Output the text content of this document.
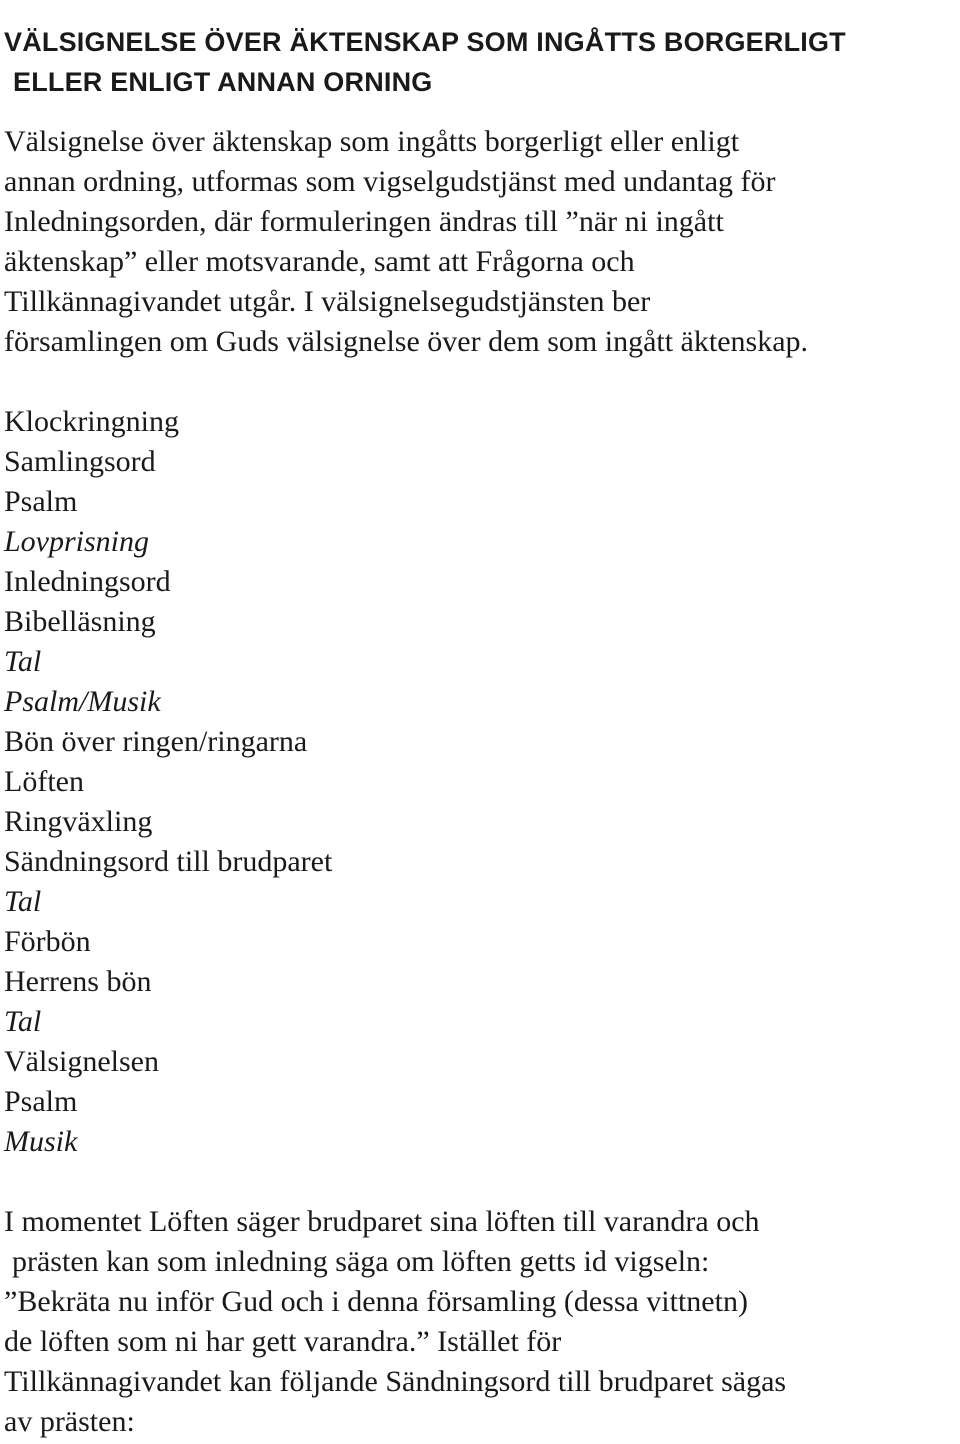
VÄLSIGNELSE ÖVER ÄKTENSKAP SOM INGÅTTS BORGERLIGT
ELLER ENLIGT ANNAN ORNING
Välsignelse över äktenskap som ingåtts borgerligt eller enligt
annan ordning, utformas som vigselgudstjänst med undantag för
Inledningsorden, där formuleringen ändras till ”när ni ingått
äktenskap” eller motsvarande, samt att Frågorna och
Tillkännagivandet utgår. I välsignelsegudstjänsten ber
församlingen om Guds välsignelse över dem som ingått äktenskap.
Klockringning
Samlingsord
Psalm
Lovprisning
Inledningsord
Bibelläsning
Tal
Psalm/Musik
Bön över ringen/ringarna
Löften
Ringväxling
Sändningsord till brudparet
Tal
Förbön
Herrens bön
Tal
Välsignelsen
Psalm
Musik
I momentet Löften säger brudparet sina löften till varandra och
prästen kan som inledning säga om löften getts id vigseln:
”Bekräta nu inför Gud och i denna församling (dessa vittnetn)
de löften som ni har gett varandra.” Istället för
Tillkännagivandet kan följande Sändningsord till brudparet sägas
av prästen:
